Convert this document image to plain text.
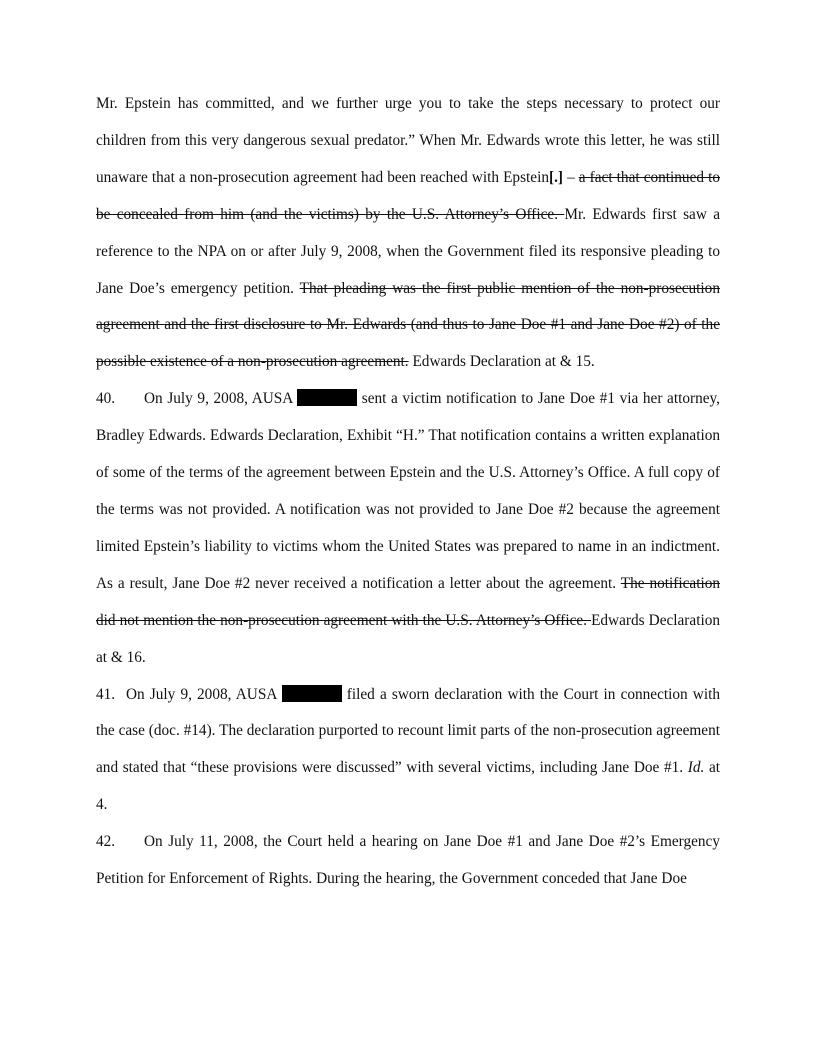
Mr. Epstein has committed, and we further urge you to take the steps necessary to protect our children from this very dangerous sexual predator.” When Mr. Edwards wrote this letter, he was still unaware that a non-prosecution agreement had been reached with Epstein[.] – a fact that continued to be concealed from him (and the victims) by the U.S. Attorney’s Office. Mr. Edwards first saw a reference to the NPA on or after July 9, 2008, when the Government filed its responsive pleading to Jane Doe’s emergency petition. That pleading was the first public mention of the non-prosecution agreement and the first disclosure to Mr. Edwards (and thus to Jane Doe #1 and Jane Doe #2) of the possible existence of a non-prosecution agreement. Edwards Declaration at & 15.

40. On July 9, 2008, AUSA	sent a victim notification to Jane Doe #1 via her attorney, Bradley Edwards. Edwards Declaration, Exhibit “H.” That notification contains a written explanation of some of the terms of the agreement between Epstein and the U.S. Attorney’s Office. A full copy of the terms was not provided. A notification was not provided to Jane Doe #2 because the agreement limited Epstein’s liability to victims whom the United States was prepared to name in an indictment. As a result, Jane Doe #2 never received a notification a letter about the agreement. The notification did not mention the non-prosecution agreement with the U.S. Attorney’s Office. Edwards Declaration at & 16.

41. On July 9, 2008, AUSA	filed a sworn declaration with the Court in connection with the case (doc. #14). The declaration purported to recount limit parts of the non-prosecution agreement and stated that “these provisions were discussed” with several victims, including Jane Doe #1. Id. at 4.

42. On July 11, 2008, the Court held a hearing on Jane Doe #1 and Jane Doe #2’s Emergency Petition for Enforcement of Rights. During the hearing, the Government conceded that Jane Doe
